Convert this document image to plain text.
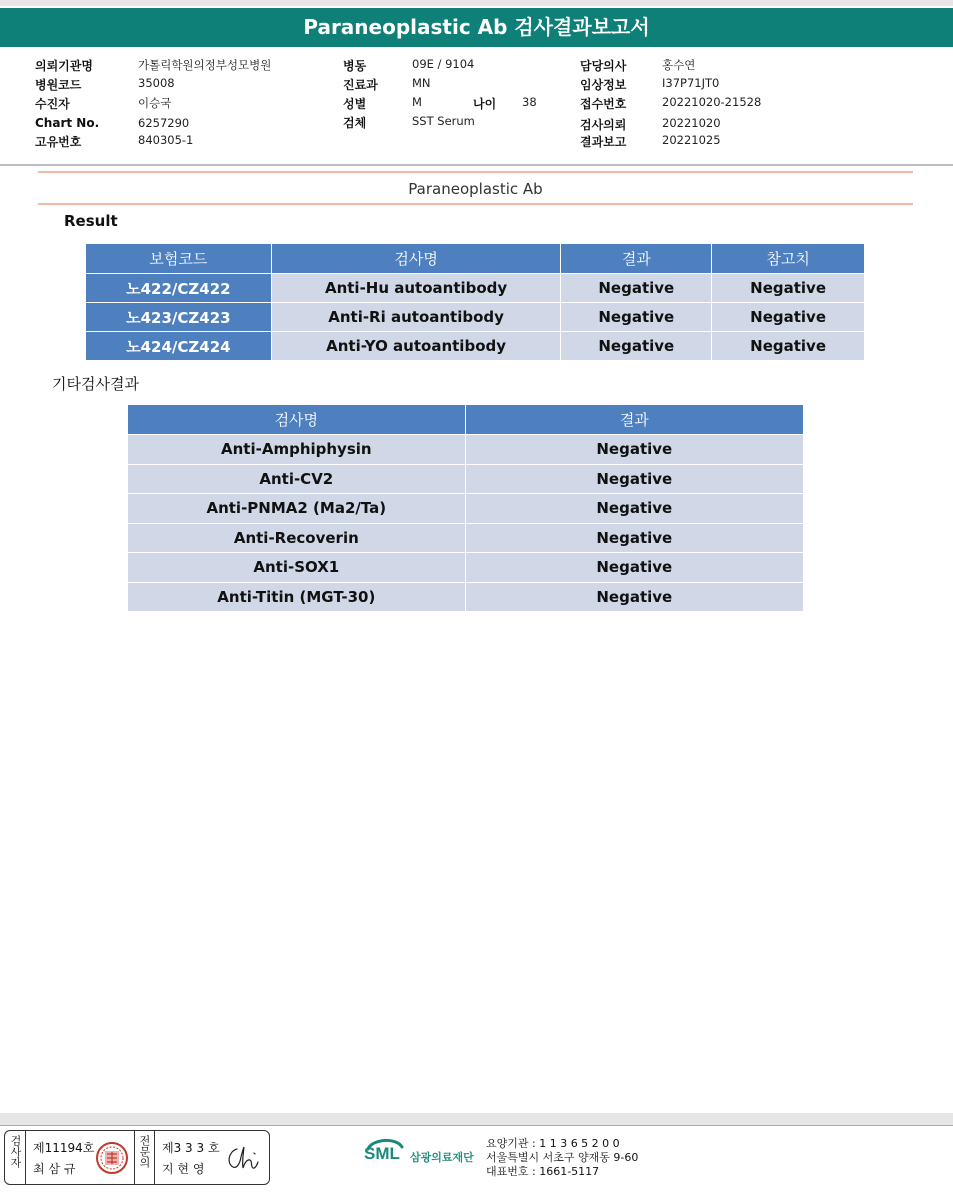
Paraneoplastic Ab 검사결과보고서
의뢰기관명	가톨릭학원의정부성모병원
병원코드	35008
수진자	이승국
Chart No.	6257290
고유번호	840305-1
병동	09E / 9104
진료과	MN
성별	M	나이 38
검체	SST Serum
담당의사	홍수연
임상정보	I37P71JT0
접수번호	20221020-21528
검사의뢰	20221020
결과보고	20221025
Paraneoplastic Ab
Result
보험코드	검사명	결과	참고치
노422/CZ422	Anti-Hu autoantibody	Negative	Negative
노423/CZ423	Anti-Ri autoantibody	Negative	Negative
노424/CZ424	Anti-YO autoantibody	Negative	Negative
기타검사결과
검사명	결과
Anti-Amphiphysin	Negative
Anti-CV2	Negative
Anti-PNMA2 (Ma2/Ta)	Negative
Anti-Recoverin	Negative
Anti-SOX1	Negative
Anti-Titin (MGT-30)	Negative
검사자 제11194호
최 삼 규
전문의 제3 3 3 호
지 현 영
SML 삼광의료재단
요양기관 : 1 1 3 6 5 2 0 0
서울특별시 서초구 양재동 9-60
대표번호 : 1661-5117
